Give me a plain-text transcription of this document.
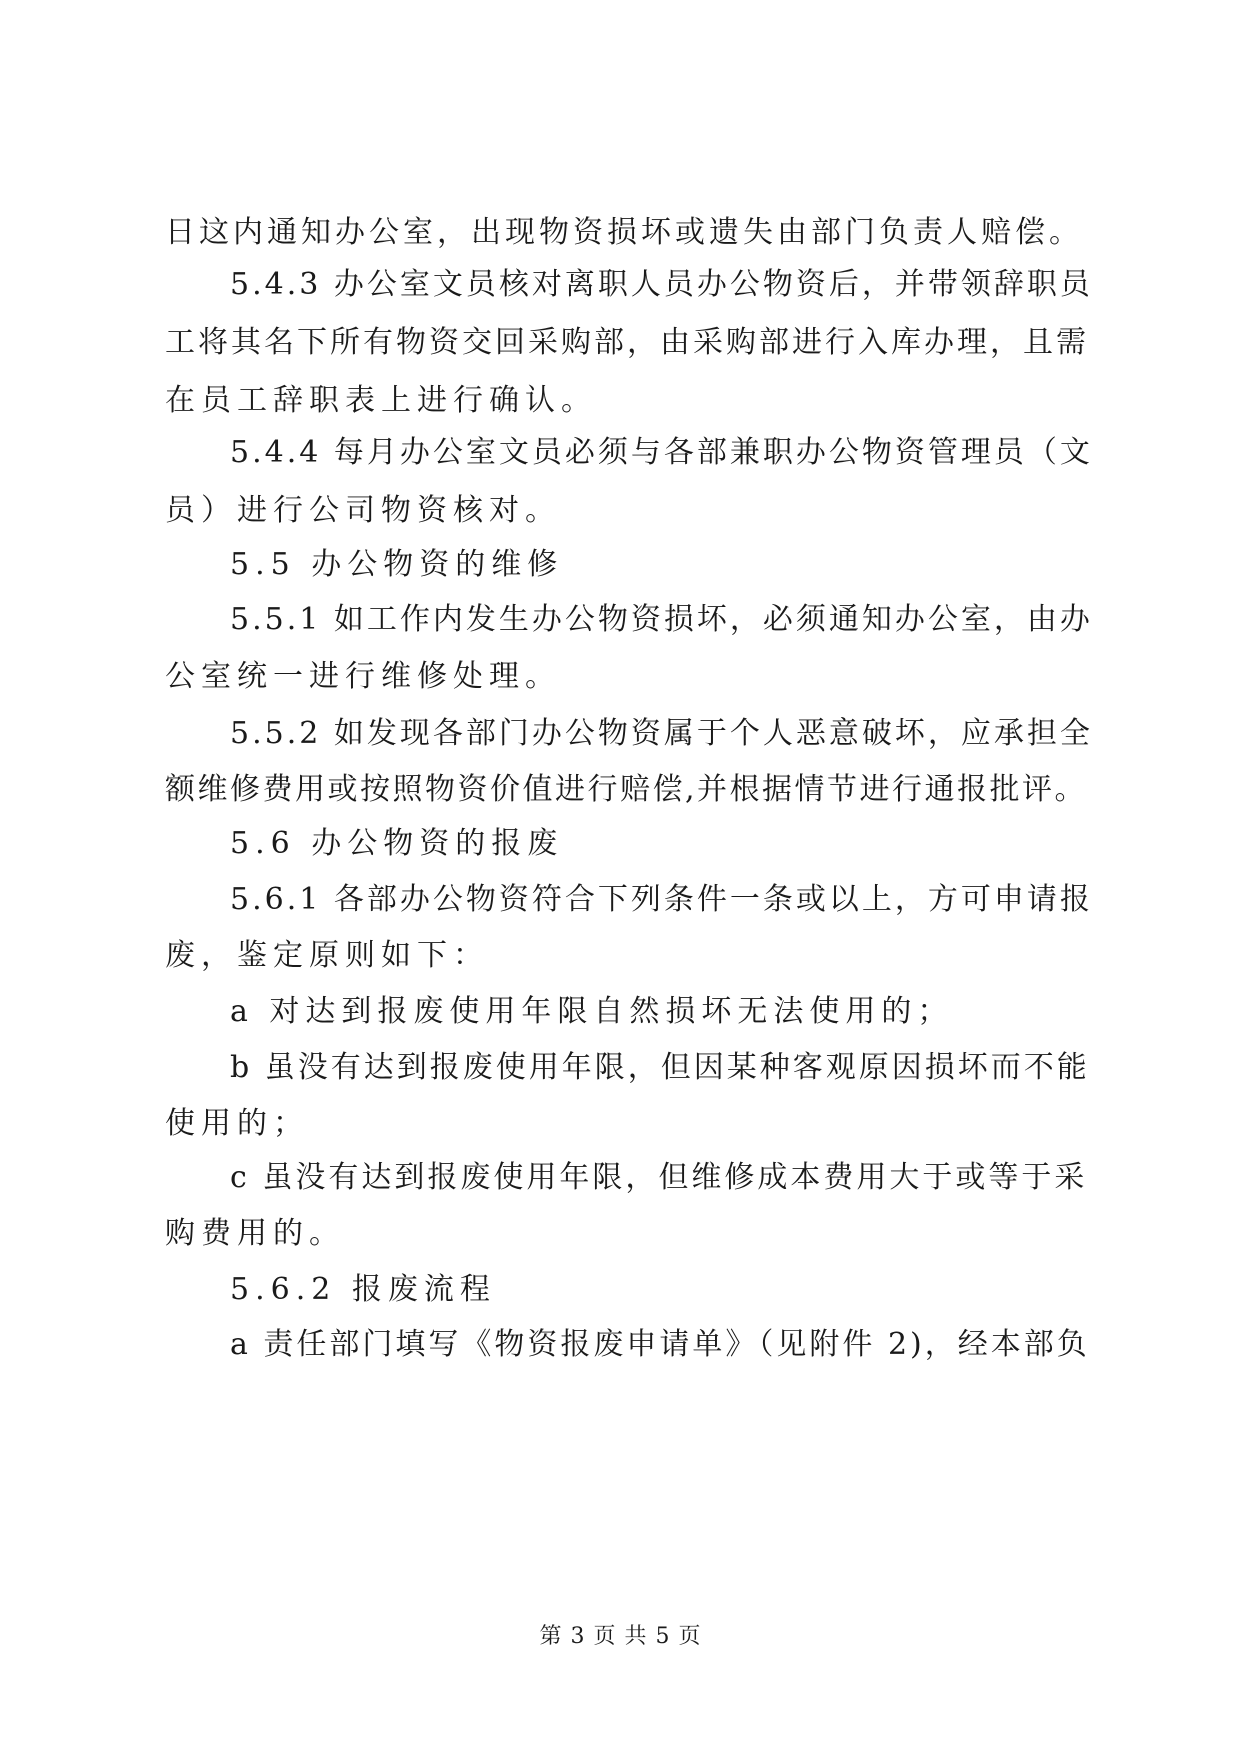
日这内通知办公室，出现物资损坏或遗失由部门负责人赔偿。
5.4.3 办公室文员核对离职人员办公物资后，并带领辞职员
工将其名下所有物资交回采购部，由采购部进行入库办理，且需
在员工辞职表上进行确认。
5.4.4 每月办公室文员必须与各部兼职办公物资管理员（文
员）进行公司物资核对。
5.5 办公物资的维修
5.5.1 如工作内发生办公物资损坏，必须通知办公室，由办
公室统一进行维修处理。
5.5.2 如发现各部门办公物资属于个人恶意破坏，应承担全
额维修费用或按照物资价值进行赔偿,并根据情节进行通报批评。
5.6 办公物资的报废
5.6.1 各部办公物资符合下列条件一条或以上，方可申请报
废，鉴定原则如下：
a 对达到报废使用年限自然损坏无法使用的；
b 虽没有达到报废使用年限，但因某种客观原因损坏而不能
使用的；
c 虽没有达到报废使用年限，但维修成本费用大于或等于采
购费用的。
5.6.2 报废流程
a 责任部门填写《物资报废申请单》（见附件 2)，经本部负
第 3 页 共 5 页
